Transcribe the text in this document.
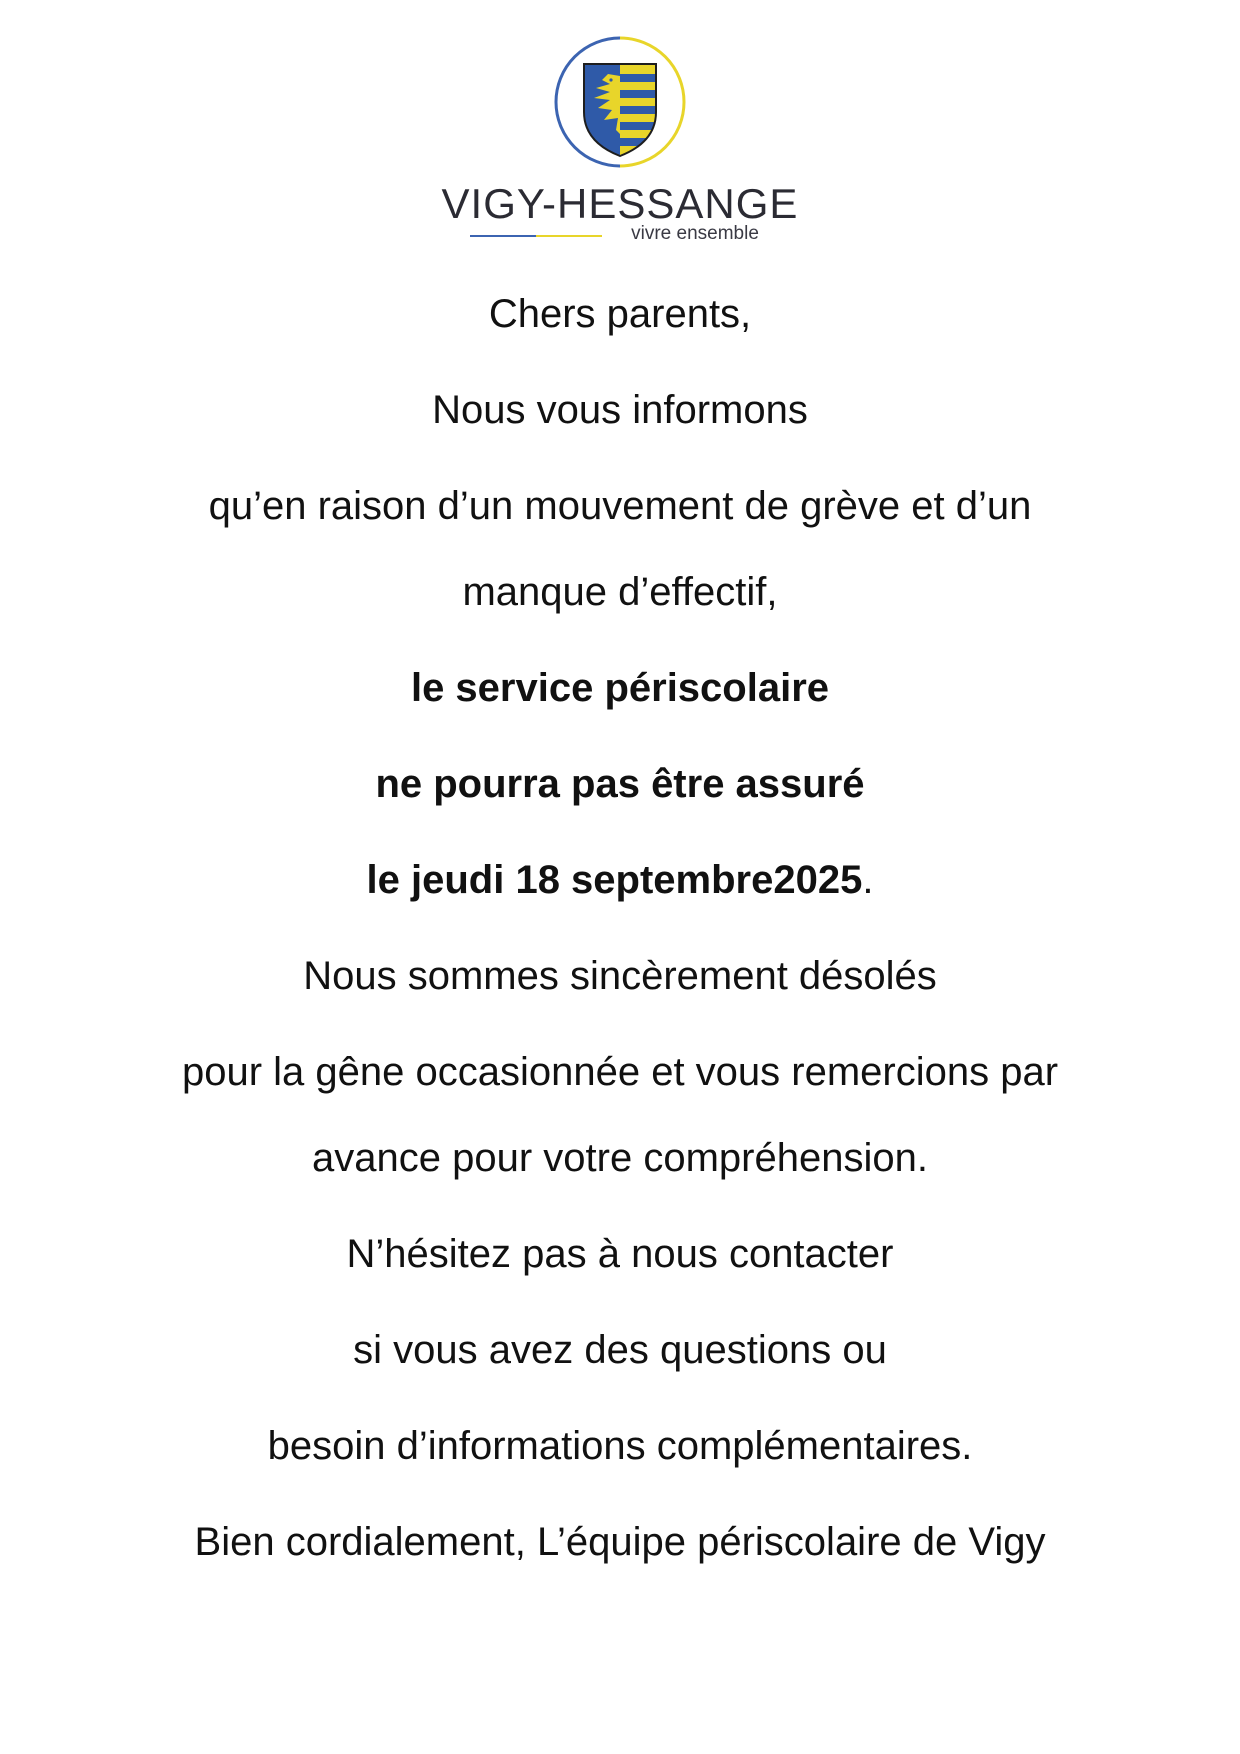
VIGY-HESSANGE
vivre ensemble
Chers parents,
Nous vous informons
qu’en raison d’un mouvement de grève et d’un
manque d’effectif,
le service périscolaire
ne pourra pas être assuré
le jeudi 18 septembre2025.
Nous sommes sincèrement désolés
pour la gêne occasionnée et vous remercions par
avance pour votre compréhension.
N’hésitez pas à nous contacter
si vous avez des questions ou
besoin d’informations complémentaires.
Bien cordialement, L’équipe périscolaire de Vigy
